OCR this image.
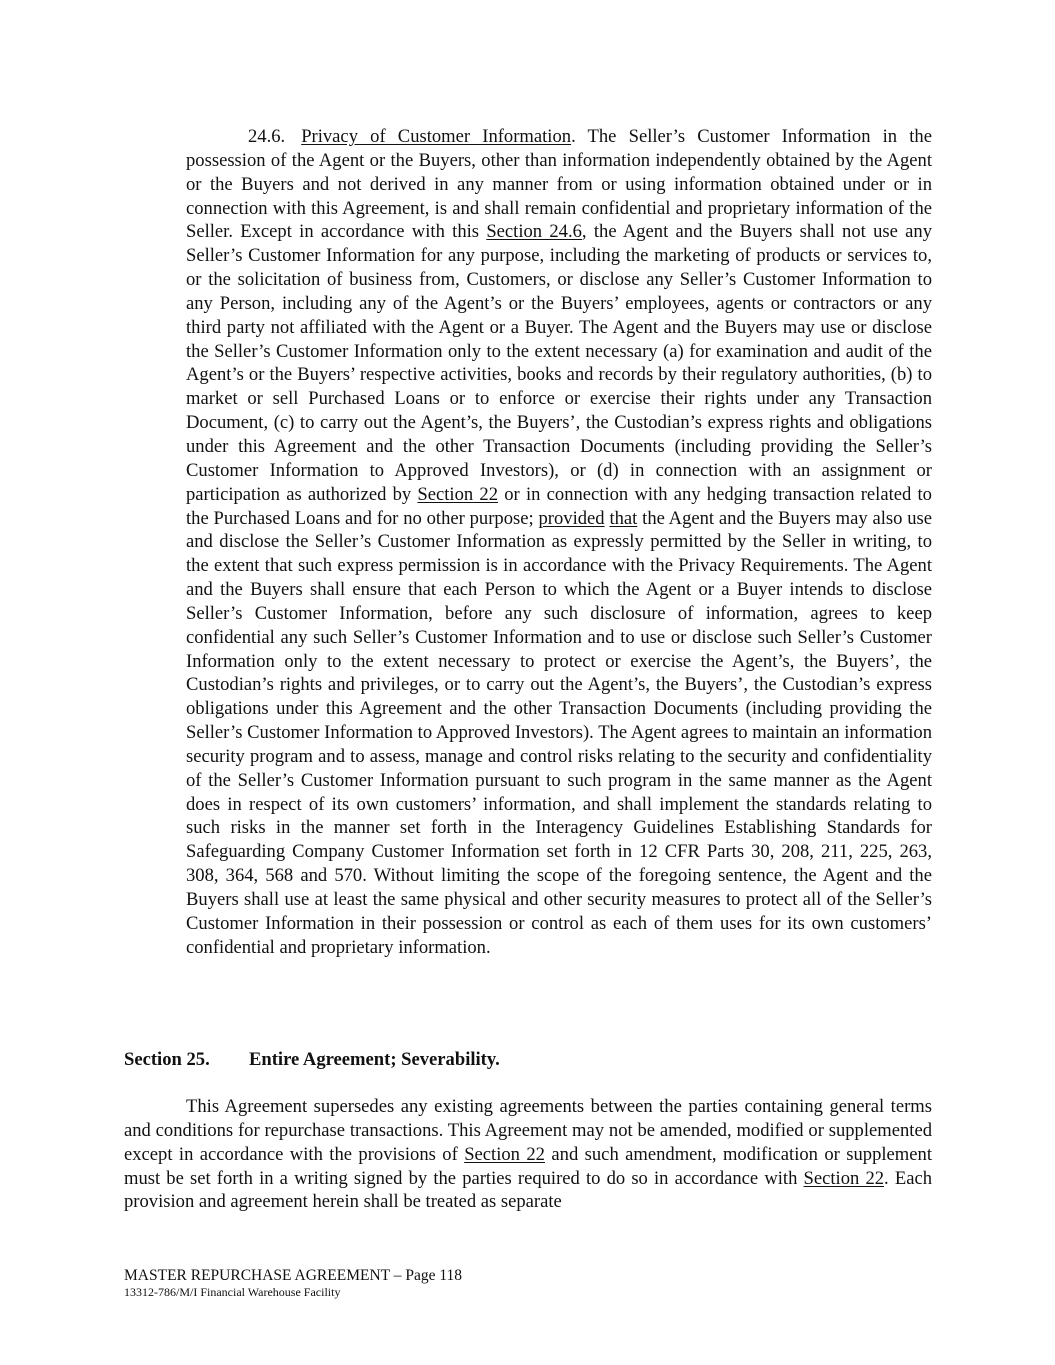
24.6. Privacy of Customer Information. The Seller’s Customer Information in the possession of the Agent or the Buyers, other than information independently obtained by the Agent or the Buyers and not derived in any manner from or using information obtained under or in connection with this Agreement, is and shall remain confidential and proprietary information of the Seller. Except in accordance with this Section 24.6, the Agent and the Buyers shall not use any Seller’s Customer Information for any purpose, including the marketing of products or services to, or the solicitation of business from, Customers, or disclose any Seller’s Customer Information to any Person, including any of the Agent’s or the Buyers’ employees, agents or contractors or any third party not affiliated with the Agent or a Buyer. The Agent and the Buyers may use or disclose the Seller’s Customer Information only to the extent necessary (a) for examination and audit of the Agent’s or the Buyers’ respective activities, books and records by their regulatory authorities, (b) to market or sell Purchased Loans or to enforce or exercise their rights under any Transaction Document, (c) to carry out the Agent’s, the Buyers’, the Custodian’s express rights and obligations under this Agreement and the other Transaction Documents (including providing the Seller’s Customer Information to Approved Investors), or (d) in connection with an assignment or participation as authorized by Section 22 or in connection with any hedging transaction related to the Purchased Loans and for no other purpose; provided that the Agent and the Buyers may also use and disclose the Seller’s Customer Information as expressly permitted by the Seller in writing, to the extent that such express permission is in accordance with the Privacy Requirements. The Agent and the Buyers shall ensure that each Person to which the Agent or a Buyer intends to disclose Seller’s Customer Information, before any such disclosure of information, agrees to keep confidential any such Seller’s Customer Information and to use or disclose such Seller’s Customer Information only to the extent necessary to protect or exercise the Agent’s, the Buyers’, the Custodian’s rights and privileges, or to carry out the Agent’s, the Buyers’, the Custodian’s express obligations under this Agreement and the other Transaction Documents (including providing the Seller’s Customer Information to Approved Investors). The Agent agrees to maintain an information security program and to assess, manage and control risks relating to the security and confidentiality of the Seller’s Customer Information pursuant to such program in the same manner as the Agent does in respect of its own customers’ information, and shall implement the standards relating to such risks in the manner set forth in the Interagency Guidelines Establishing Standards for Safeguarding Company Customer Information set forth in 12 CFR Parts 30, 208, 211, 225, 263, 308, 364, 568 and 570. Without limiting the scope of the foregoing sentence, the Agent and the Buyers shall use at least the same physical and other security measures to protect all of the Seller’s Customer Information in their possession or control as each of them uses for its own customers’ confidential and proprietary information.

Section 25. Entire Agreement; Severability.

This Agreement supersedes any existing agreements between the parties containing general terms and conditions for repurchase transactions. This Agreement may not be amended, modified or supplemented except in accordance with the provisions of Section 22 and such amendment, modification or supplement must be set forth in a writing signed by the parties required to do so in accordance with Section 22. Each provision and agreement herein shall be treated as separate

MASTER REPURCHASE AGREEMENT – Page 118

13312-786/M/I Financial Warehouse Facility
